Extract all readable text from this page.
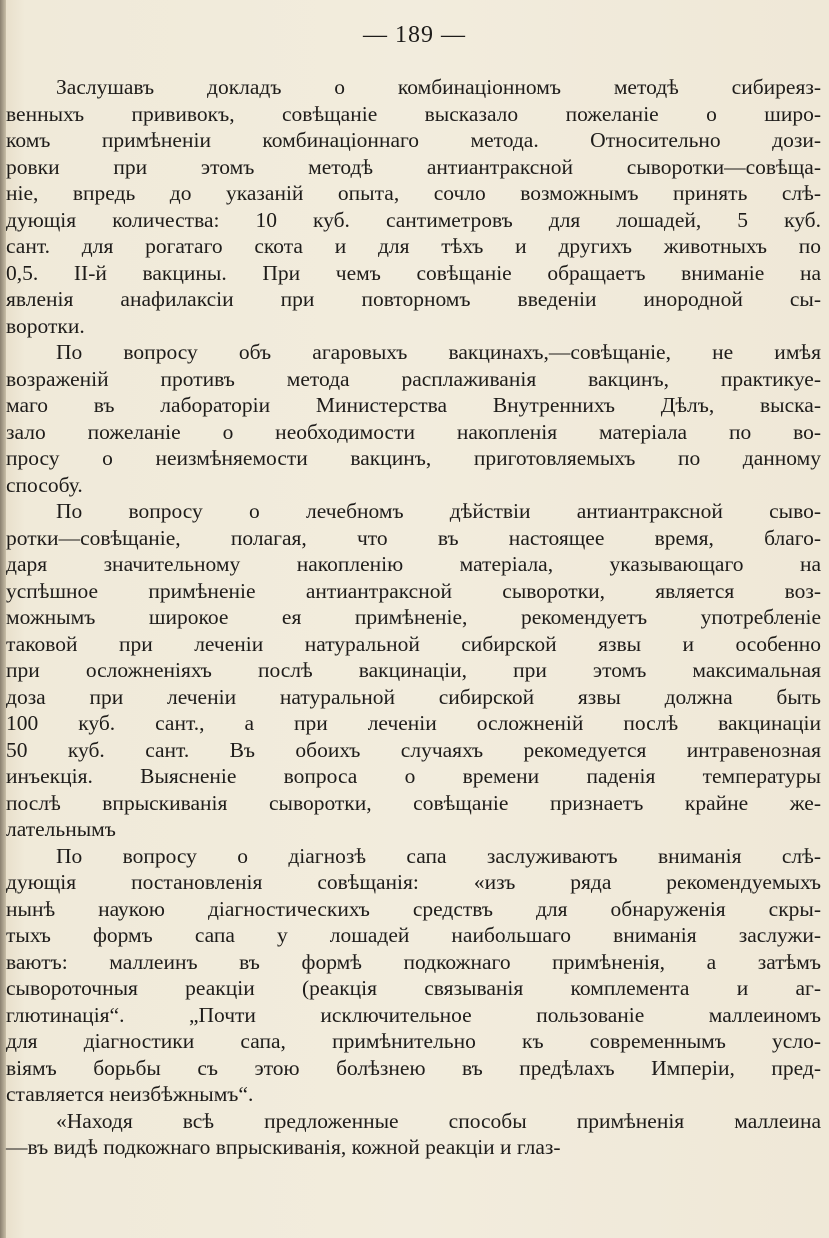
— 189 —
Заслушавъ докладъ о комбинаціонномъ методѣ сибиреяз-
венныхъ прививокъ, совѣщаніе высказало пожеланіе о широ-
комъ примѣненіи комбинаціоннаго метода. Относительно дози-
ровки при этомъ методѣ антиантраксной сыворотки—совѣща-
ніе, впредь до указаній опыта, сочло возможнымъ принять слѣ-
дующія количества: 10 куб. сантиметровъ для лошадей, 5 куб.
сант. для рогатаго скота и для тѣхъ и другихъ животныхъ по
0,5. II-й вакцины. При чемъ совѣщаніе обращаетъ вниманіе на
явленія анафилаксіи при повторномъ введеніи инородной сы-
воротки.
По вопросу объ агаровыхъ вакцинахъ,—совѣщаніе, не имѣя
возраженій противъ метода расплаживанія вакцинъ, практикуе-
маго въ лабораторіи Министерства Внутреннихъ Дѣлъ, выска-
зало пожеланіе о необходимости накопленія матеріала по во-
просу о неизмѣняемости вакцинъ, приготовляемыхъ по данному
способу.
По вопросу о лечебномъ дѣйствіи антиантраксной сыво-
ротки—совѣщаніе, полагая, что въ настоящее время, благо-
даря значительному накопленію матеріала, указывающаго на
успѣшное примѣненіе антиантраксной сыворотки, является воз-
можнымъ широкое ея примѣненіе, рекомендуетъ употребленіе
таковой при леченіи натуральной сибирской язвы и особенно
при осложненіяхъ послѣ вакцинаціи, при этомъ максимальная
доза при леченіи натуральной сибирской язвы должна быть
100 куб. сант., а при леченіи осложненій послѣ вакцинаціи
50 куб. сант. Въ обоихъ случаяхъ рекомедуется интравенозная
инъекція. Выясненіе вопроса о времени паденія температуры
послѣ впрыскиванія сыворотки, совѣщаніе признаетъ крайне же-
лательнымъ
По вопросу о діагнозѣ сапа заслуживаютъ вниманія слѣ-
дующія постановленія совѣщанія: «изъ ряда рекомендуемыхъ
нынѣ наукою діагностическихъ средствъ для обнаруженія скры-
тыхъ формъ сапа у лошадей наибольшаго вниманія заслужи-
ваютъ: маллеинъ въ формѣ подкожнаго примѣненія, а затѣмъ
сывороточныя реакціи (реакція связыванія комплемента и аг-
глютинація“. „Почти исключительное пользованіе маллеиномъ
для діагностики сапа, примѣнительно къ современнымъ усло-
віямъ борьбы съ этою болѣзнею въ предѣлахъ Имперіи, пред-
ставляется неизбѣжнымъ“.
«Находя всѣ предложенные способы примѣненія маллеина
—въ видѣ подкожнаго впрыскиванія, кожной реакціи и глаз-
